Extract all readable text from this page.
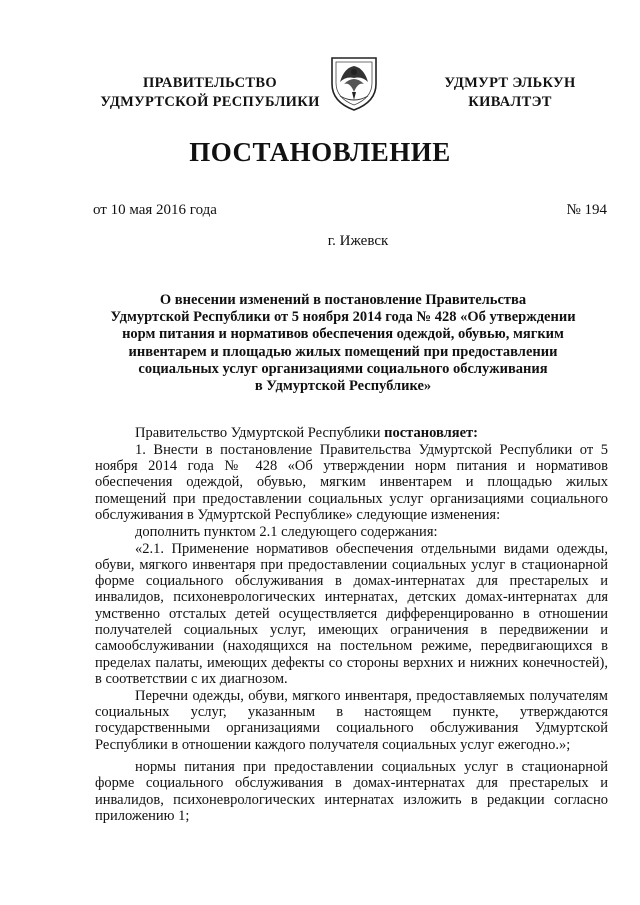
ПРАВИТЕЛЬСТВО
УДМУРТСКОЙ РЕСПУБЛИКИ
УДМУРТ ЭЛЬКУН
КИВАЛТЭТ
ПОСТАНОВЛЕНИЕ
от 10 мая 2016 года	№ 194
г. Ижевск
О внесении изменений в постановление Правительства
Удмуртской Республики от 5 ноября 2014 года № 428 «Об утверждении
норм питания и нормативов обеспечения одеждой, обувью, мягким
инвентарем и площадью жилых помещений при предоставлении
социальных услуг организациями социального обслуживания
в Удмуртской Республике»

Правительство Удмуртской Республики постановляет:

1. Внести в постановление Правительства Удмуртской Республики от 5 ноября 2014 года № 428 «Об утверждении норм питания и нормативов обеспечения одеждой, обувью, мягким инвентарем и площадью жилых помещений при предоставлении социальных услуг организациями социального обслуживания в Удмуртской Республике» следующие изменения:

дополнить пунктом 2.1 следующего содержания:

«2.1. Применение нормативов обеспечения отдельными видами одежды, обуви, мягкого инвентаря при предоставлении социальных услуг в стационарной форме социального обслуживания в домах-интернатах для престарелых и инвалидов, психоневрологических интернатах, детских домах-интернатах для умственно отсталых детей осуществляется дифференцированно в отношении получателей социальных услуг, имеющих ограничения в передвижении и самообслуживании (находящихся на постельном режиме, передвигающихся в пределах палаты, имеющих дефекты со стороны верхних и нижних конечностей), в соответствии с их диагнозом.

Перечни одежды, обуви, мягкого инвентаря, предоставляемых получателям социальных услуг, указанным в настоящем пункте, утверждаются государственными организациями социального обслуживания Удмуртской Республики в отношении каждого получателя социальных услуг ежегодно.»;

нормы питания при предоставлении социальных услуг в стационарной форме социального обслуживания в домах-интернатах для престарелых и инвалидов, психоневрологических интернатах изложить в редакции согласно приложению 1;
